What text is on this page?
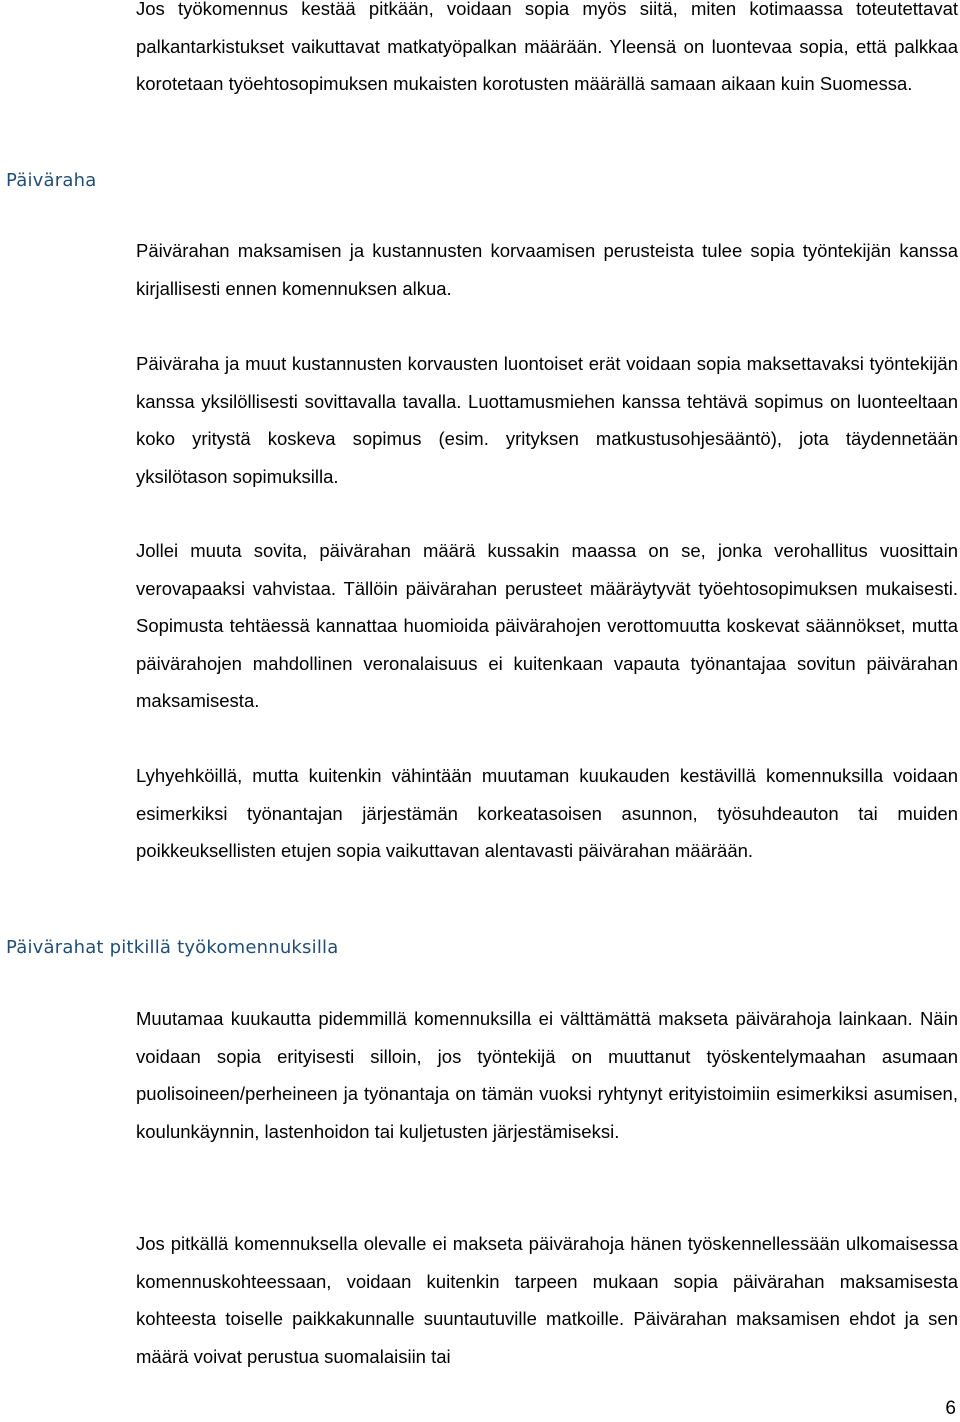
Jos työkomennus kestää pitkään, voidaan sopia myös siitä, miten kotimaassa toteutettavat palkantarkistukset vaikuttavat matkatyöpalkan määrään. Yleensä on luontevaa sopia, että palkkaa korotetaan työehtosopimuksen mukaisten korotusten määrällä samaan aikaan kuin Suomessa.

Päiväraha

Päivärahan maksamisen ja kustannusten korvaamisen perusteista tulee sopia työntekijän kanssa kirjallisesti ennen komennuksen alkua.

Päiväraha ja muut kustannusten korvausten luontoiset erät voidaan sopia maksettavaksi työntekijän kanssa yksilöllisesti sovittavalla tavalla. Luottamusmiehen kanssa tehtävä sopimus on luonteeltaan koko yritystä koskeva sopimus (esim. yrityksen matkustusohjesääntö), jota täydennetään yksilötason sopimuksilla.

Jollei muuta sovita, päivärahan määrä kussakin maassa on se, jonka verohallitus vuosittain verovapaaksi vahvistaa. Tällöin päivärahan perusteet määräytyvät työehtosopimuksen mukaisesti. Sopimusta tehtäessä kannattaa huomioida päivärahojen verottomuutta koskevat säännökset, mutta päivärahojen mahdollinen veronalaisuus ei kuitenkaan vapauta työnantajaa sovitun päivärahan maksamisesta.

Lyhyehköillä, mutta kuitenkin vähintään muutaman kuukauden kestävillä komennuksilla voidaan esimerkiksi työnantajan järjestämän korkeatasoisen asunnon, työsuhdeauton tai muiden poikkeuksellisten etujen sopia vaikuttavan alentavasti päivärahan määrään.

Päivärahat pitkillä työkomennuksilla

Muutamaa kuukautta pidemmillä komennuksilla ei välttämättä makseta päivärahoja lainkaan. Näin voidaan sopia erityisesti silloin, jos työntekijä on muuttanut työskentelymaahan asumaan puolisoineen/perheineen ja työnantaja on tämän vuoksi ryhtynyt erityistoimiin esimerkiksi asumisen, koulunkäynnin, lastenhoidon tai kuljetusten järjestämiseksi.

Jos pitkällä komennuksella olevalle ei makseta päivärahoja hänen työskennellessään ulkomaisessa komennuskohteessaan, voidaan kuitenkin tarpeen mukaan sopia päivärahan maksamisesta kohteesta toiselle paikkakunnalle suuntautuville matkoille. Päivärahan maksamisen ehdot ja sen määrä voivat perustua suomalaisiin tai

6
